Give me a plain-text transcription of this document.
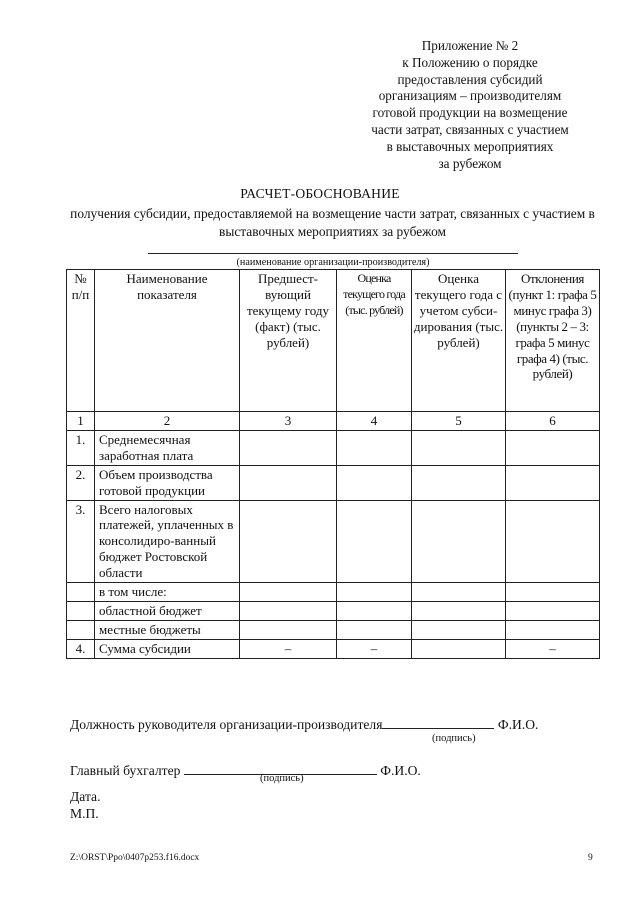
Приложение № 2
к Положению о порядке
предоставления субсидий
организациям – производителям
готовой продукции на возмещение
части затрат, связанных с участием
в выставочных мероприятиях
за рубежом
РАСЧЕТ-ОБОСНОВАНИЕ
получения субсидии, предоставляемой на возмещение части затрат, связанных с участием в выставочных мероприятиях за рубежом
(наименование организации-производителя)
№ п/п	Наименование показателя	Предшест-вующий текущему году (факт) (тыс. рублей)	Оценка текущего года (тыс. рублей)	Оценка текущего года с учетом субси-дирования (тыс. рублей)	Отклонения (пункт 1: графа 5 минус графа 3) (пункты 2 – 3: графа 5 минус графа 4) (тыс. рублей)
1	2	3	4	5	6
1.	Среднемесячная заработная плата				
2.	Объем производства готовой продукции				
3.	Всего налоговых платежей, уплаченных в консолидиро-ванный бюджет Ростовской области				
	в том числе:				
	областной бюджет				
	местные бюджеты				
4.	Сумма субсидии	–	–		–
Должность руководителя организации-производителя	Ф.И.О.
(подпись)
Главный бухгалтер	Ф.И.О.
(подпись)
Дата.
М.П.
Z:\ORST\Ppo\0407p253.f16.docx	9
